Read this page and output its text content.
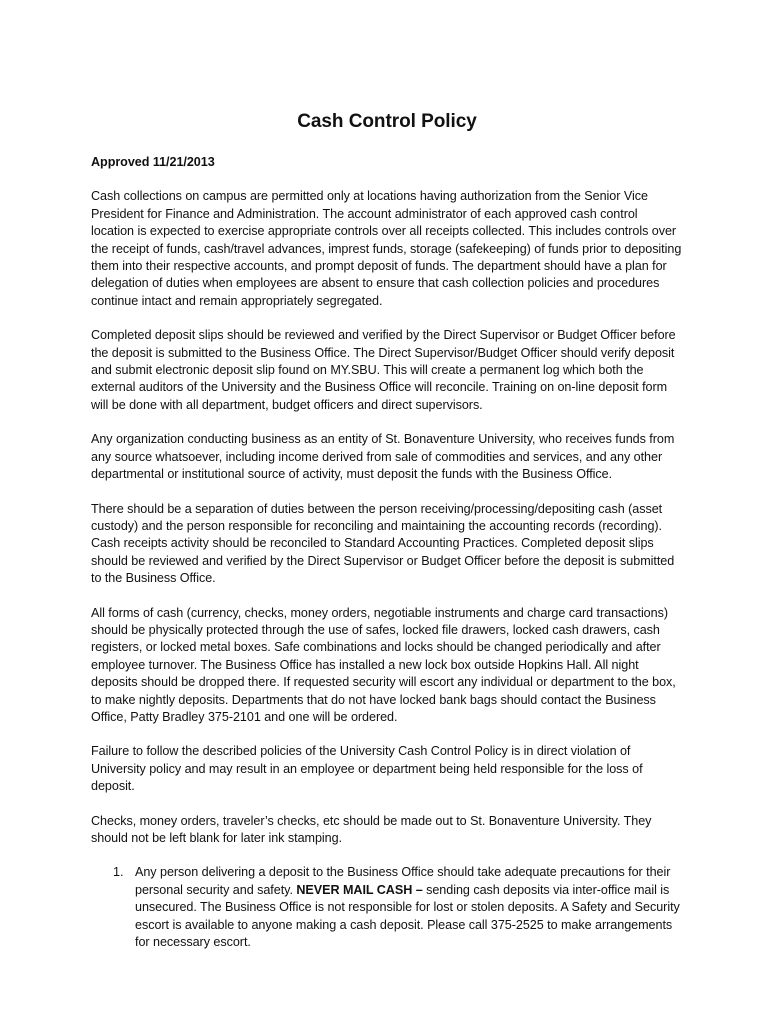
Cash Control Policy
Approved 11/21/2013

Cash collections on campus are permitted only at locations having authorization from the Senior Vice President for Finance and Administration. The account administrator of each approved cash control location is expected to exercise appropriate controls over all receipts collected. This includes controls over the receipt of funds, cash/travel advances, imprest funds, storage (safekeeping) of funds prior to depositing them into their respective accounts, and prompt deposit of funds. The department should have a plan for delegation of duties when employees are absent to ensure that cash collection policies and procedures continue intact and remain appropriately segregated.

Completed deposit slips should be reviewed and verified by the Direct Supervisor or Budget Officer before the deposit is submitted to the Business Office. The Direct Supervisor/Budget Officer should verify deposit and submit electronic deposit slip found on MY.SBU. This will create a permanent log which both the external auditors of the University and the Business Office will reconcile. Training on on-line deposit form will be done with all department, budget officers and direct supervisors.

Any organization conducting business as an entity of St. Bonaventure University, who receives funds from any source whatsoever, including income derived from sale of commodities and services, and any other departmental or institutional source of activity, must deposit the funds with the Business Office.

There should be a separation of duties between the person receiving/processing/depositing cash (asset custody) and the person responsible for reconciling and maintaining the accounting records (recording). Cash receipts activity should be reconciled to Standard Accounting Practices. Completed deposit slips should be reviewed and verified by the Direct Supervisor or Budget Officer before the deposit is submitted to the Business Office.

All forms of cash (currency, checks, money orders, negotiable instruments and charge card transactions) should be physically protected through the use of safes, locked file drawers, locked cash drawers, cash registers, or locked metal boxes. Safe combinations and locks should be changed periodically and after employee turnover. The Business Office has installed a new lock box outside Hopkins Hall. All night deposits should be dropped there. If requested security will escort any individual or department to the box, to make nightly deposits. Departments that do not have locked bank bags should contact the Business Office, Patty Bradley 375-2101 and one will be ordered.

Failure to follow the described policies of the University Cash Control Policy is in direct violation of University policy and may result in an employee or department being held responsible for the loss of deposit.

Checks, money orders, traveler’s checks, etc should be made out to St. Bonaventure University. They should not be left blank for later ink stamping.

1. Any person delivering a deposit to the Business Office should take adequate precautions for their personal security and safety. NEVER MAIL CASH – sending cash deposits via inter-office mail is unsecured. The Business Office is not responsible for lost or stolen deposits. A Safety and Security escort is available to anyone making a cash deposit. Please call 375-2525 to make arrangements for necessary escort.
